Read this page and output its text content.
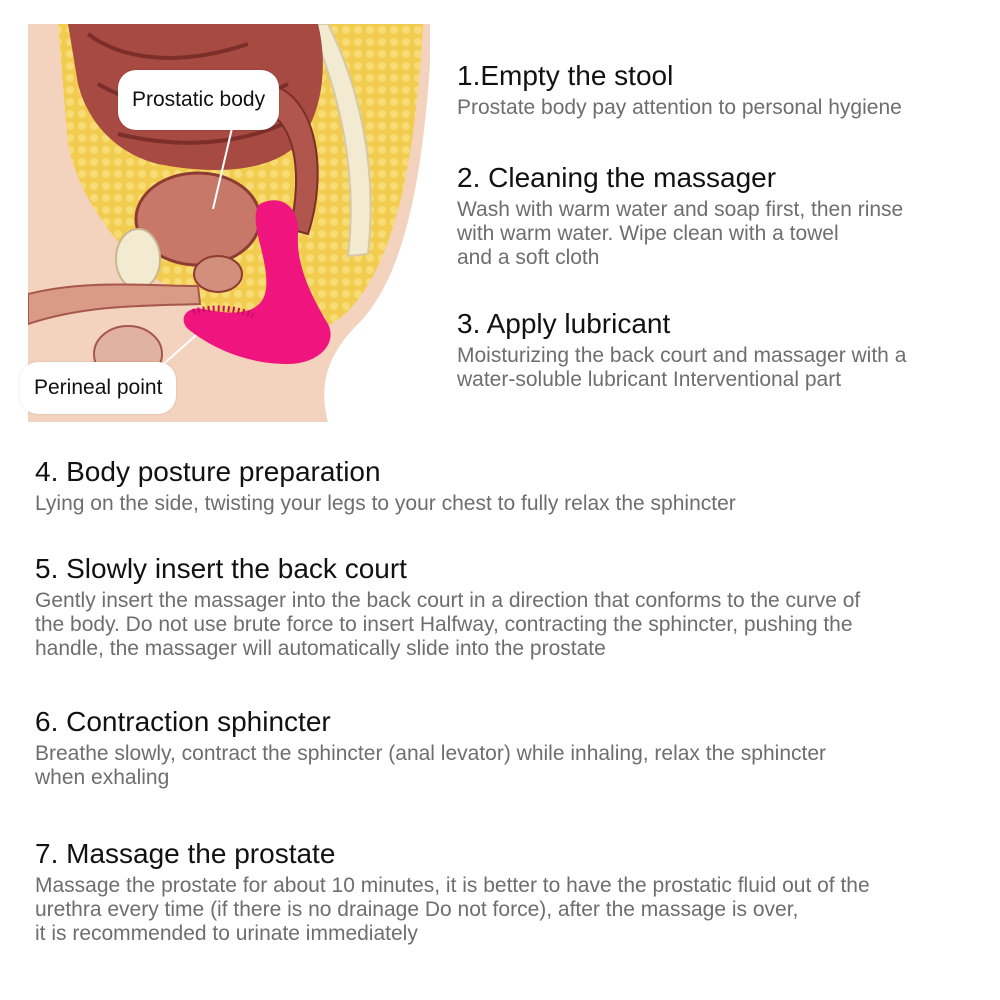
Prostatic body
Perineal point
1.Empty the stool

Prostate body pay attention to personal hygiene

2. Cleaning the massager

Wash with warm water and soap first, then rinse
with warm water. Wipe clean with a towel
and a soft cloth

3. Apply lubricant

Moisturizing the back court and massager with a
water-soluble lubricant Interventional part

4. Body posture preparation

Lying on the side, twisting your legs to your chest to fully relax the sphincter

5. Slowly insert the back court

Gently insert the massager into the back court in a direction that conforms to the curve of
the body. Do not use brute force to insert Halfway, contracting the sphincter, pushing the
handle, the massager will automatically slide into the prostate

6. Contraction sphincter

Breathe slowly, contract the sphincter (anal levator) while inhaling, relax the sphincter
when exhaling

7. Massage the prostate

Massage the prostate for about 10 minutes, it is better to have the prostatic fluid out of the
urethra every time (if there is no drainage Do not force), after the massage is over,
it is recommended to urinate immediately
